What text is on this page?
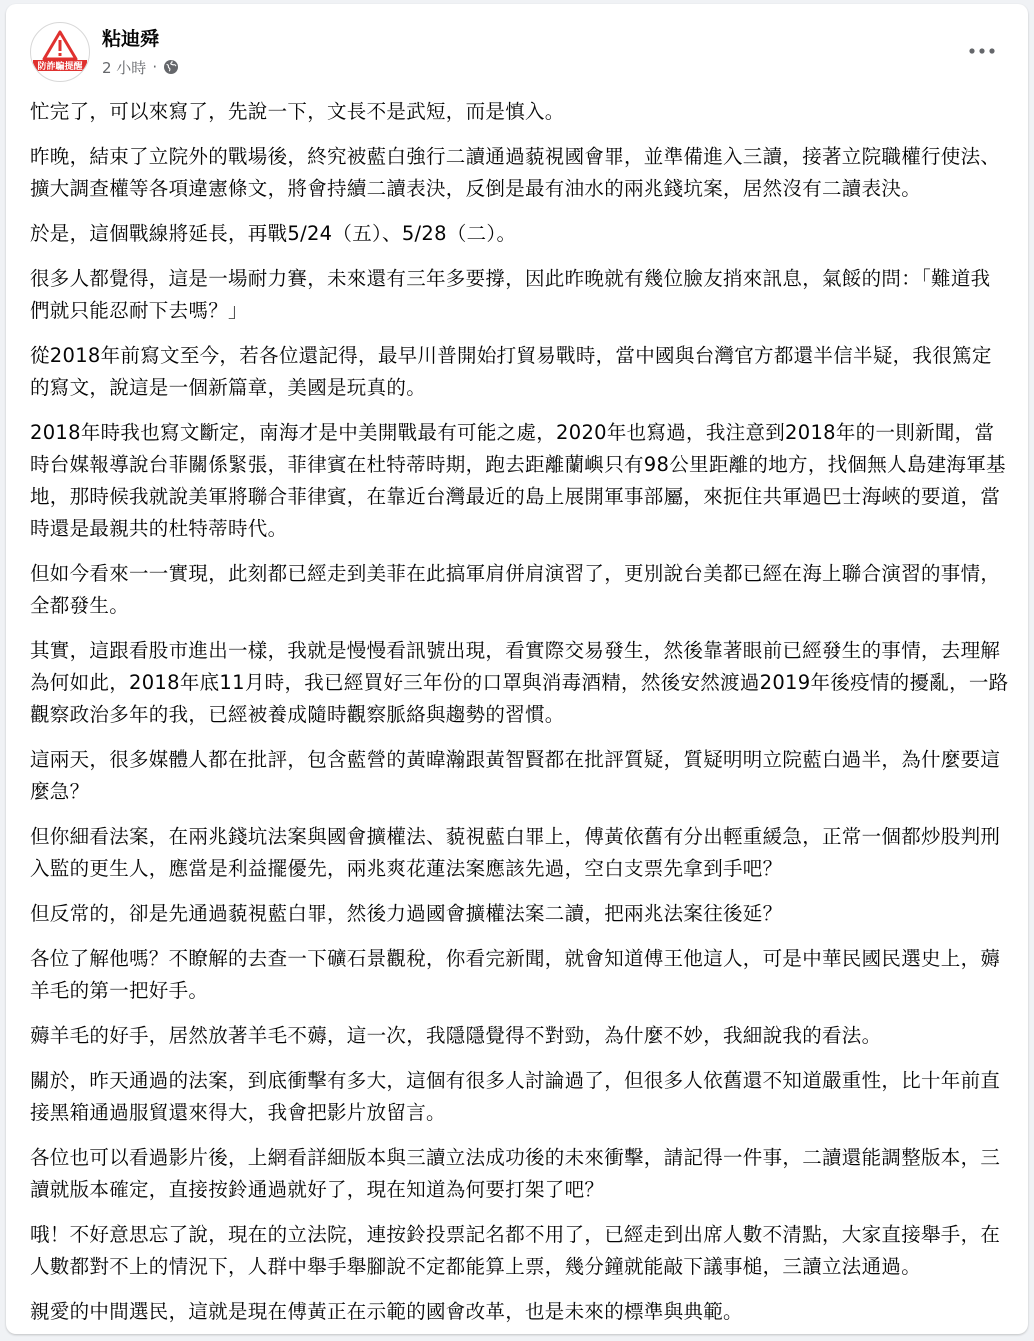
防詐騙提醒
粘迪舜
2 小時 ·

忙完了，可以來寫了，先說一下，文長不是武短，而是慎入。

昨晚，結束了立院外的戰場後，終究被藍白強行二讀通過藐視國會罪，並準備進入三讀，接著立院職權行使法、擴大調查權等各項違憲條文，將會持續二讀表決，反倒是最有油水的兩兆錢坑案，居然沒有二讀表決。

於是，這個戰線將延長，再戰5/24（五）、5/28（二）。

很多人都覺得，這是一場耐力賽，未來還有三年多要撐，因此昨晚就有幾位臉友捎來訊息，氣餒的問：「難道我們就只能忍耐下去嗎？」

從2018年前寫文至今，若各位還記得，最早川普開始打貿易戰時，當中國與台灣官方都還半信半疑，我很篤定的寫文，說這是一個新篇章，美國是玩真的。

2018年時我也寫文斷定，南海才是中美開戰最有可能之處，2020年也寫過，我注意到2018年的一則新聞，當時台媒報導說台菲關係緊張，菲律賓在杜特蒂時期，跑去距離蘭嶼只有98公里距離的地方，找個無人島建海軍基地，那時候我就說美軍將聯合菲律賓，在靠近台灣最近的島上展開軍事部屬，來扼住共軍過巴士海峽的要道，當時還是最親共的杜特蒂時代。

但如今看來一一實現，此刻都已經走到美菲在此搞軍肩併肩演習了，更別說台美都已經在海上聯合演習的事情，全都發生。

其實，這跟看股市進出一樣，我就是慢慢看訊號出現，看實際交易發生，然後靠著眼前已經發生的事情，去理解為何如此，2018年底11月時，我已經買好三年份的口罩與消毒酒精，然後安然渡過2019年後疫情的擾亂，一路觀察政治多年的我，已經被養成隨時觀察脈絡與趨勢的習慣。

這兩天，很多媒體人都在批評，包含藍營的黃暐瀚跟黃智賢都在批評質疑，質疑明明立院藍白過半，為什麼要這麼急？

但你細看法案，在兩兆錢坑法案與國會擴權法、藐視藍白罪上，傅黃依舊有分出輕重緩急，正常一個都炒股判刑入監的更生人，應當是利益擺優先，兩兆爽花蓮法案應該先過，空白支票先拿到手吧？

但反常的，卻是先通過藐視藍白罪，然後力過國會擴權法案二讀，把兩兆法案往後延？

各位了解他嗎？不瞭解的去查一下礦石景觀稅，你看完新聞，就會知道傅王他這人，可是中華民國民選史上，薅羊毛的第一把好手。

薅羊毛的好手，居然放著羊毛不薅，這一次，我隱隱覺得不對勁，為什麼不妙，我細說我的看法。

關於，昨天通過的法案，到底衝擊有多大，這個有很多人討論過了，但很多人依舊還不知道嚴重性，比十年前直接黑箱通過服貿還來得大，我會把影片放留言。

各位也可以看過影片後，上網看詳細版本與三讀立法成功後的未來衝擊，請記得一件事，二讀還能調整版本，三讀就版本確定，直接按鈴通過就好了，現在知道為何要打架了吧？

哦！不好意思忘了說，現在的立法院，連按鈴投票記名都不用了，已經走到出席人數不清點，大家直接舉手，在人數都對不上的情況下，人群中舉手舉腳說不定都能算上票，幾分鐘就能敲下議事槌，三讀立法通過。

親愛的中間選民，這就是現在傅黃正在示範的國會改革，也是未來的標準與典範。
